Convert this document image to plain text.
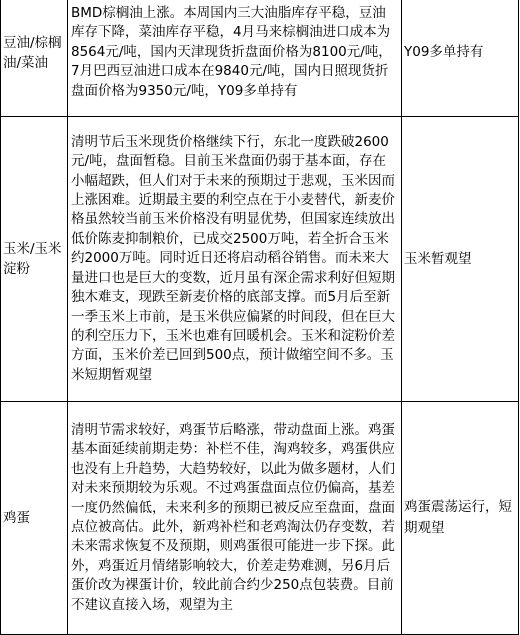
豆油/棕榈油/菜油	BMD棕榈油上涨。本周国内三大油脂库存平稳，豆油库存下降，菜油库存平稳，4月马来棕榈油进口成本为8564元/吨，国内天津现货折盘面价格为8100元/吨，7月巴西豆油进口成本在9840元/吨，国内日照现货折盘面价格为9350元/吨，Y09多单持有	Y09多单持有
玉米/玉米淀粉	清明节后玉米现货价格继续下行，东北一度跌破2600元/吨，盘面暂稳。目前玉米盘面仍弱于基本面，存在小幅超跌，但人们对于未来的预期过于悲观，玉米因而上涨困难。近期最主要的利空点在于小麦替代，新麦价格虽然较当前玉米价格没有明显优势，但国家连续放出低价陈麦抑制粮价，已成交2500万吨，若全折合玉米约2000万吨。同时近日还将启动稻谷销售。而未来大量进口也是巨大的变数，近月虽有深企需求利好但短期独木难支，现跌至新麦价格的底部支撑。而5月后至新一季玉米上市前，是玉米供应偏紧的时间段，但在巨大的利空压力下，玉米也难有回暖机会。玉米和淀粉价差方面，玉米价差已回到500点，预计做缩空间不多。玉米短期暂观望	玉米暂观望
鸡蛋	清明节需求较好，鸡蛋节后略涨，带动盘面上涨。鸡蛋基本面延续前期走势：补栏不佳，淘鸡较多，鸡蛋供应也没有上升趋势，大趋势较好，以此为做多题材，人们对未来预期较为乐观。不过鸡蛋盘面点位仍偏高，基差一度仍然偏低，未来利多的预期已被反应至盘面，盘面点位被高估。此外，新鸡补栏和老鸡淘汰仍存变数，若未来需求恢复不及预期，则鸡蛋很可能进一步下探。此外，鸡蛋近月情绪影响较大，价差走势难测，另6月后蛋价改为裸蛋计价，较此前合约少250点包装费。目前不建议直接入场，观望为主	鸡蛋震荡运行，短期观望
